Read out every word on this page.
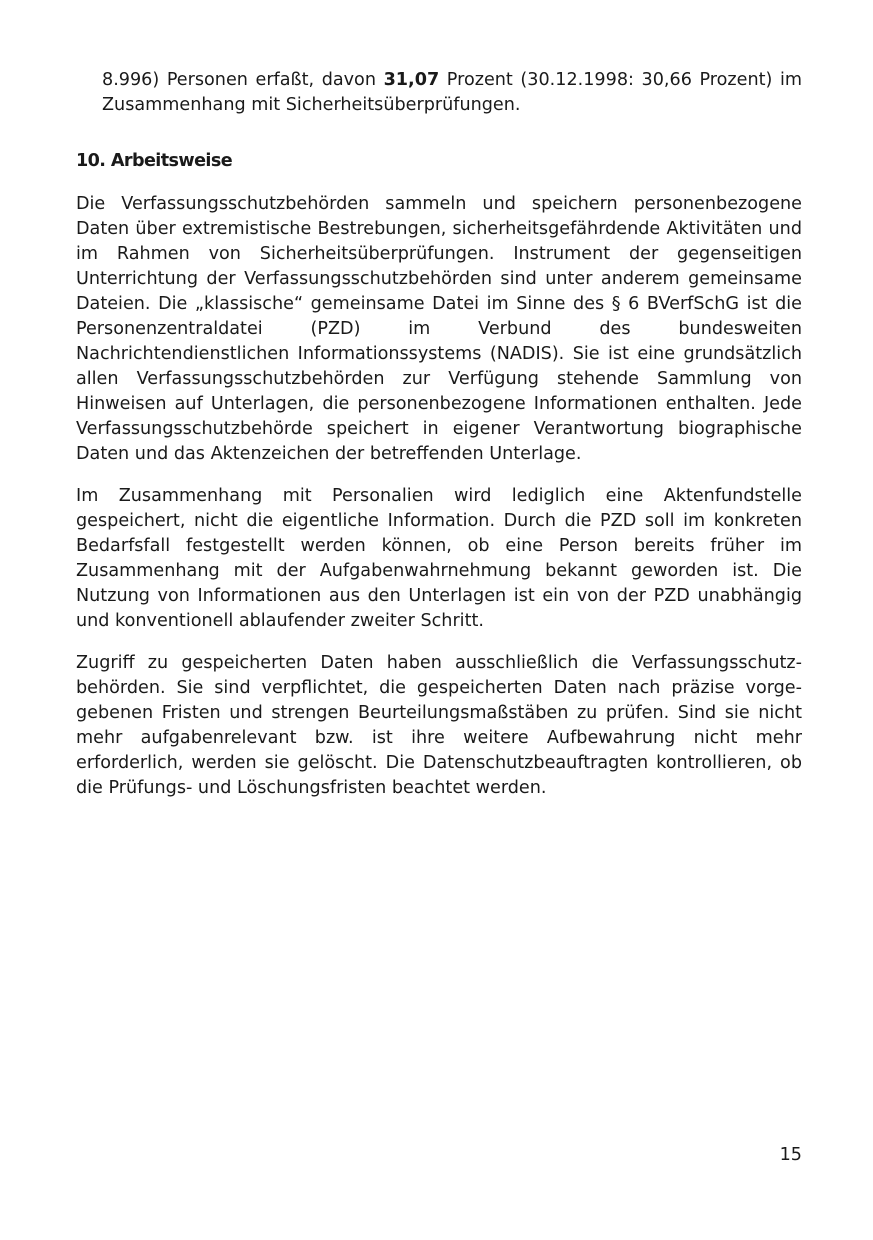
8.996) Personen erfaßt, davon 31,07 Prozent (30.12.1998: 30,66 Prozent) im Zusammenhang mit Sicherheitsüberprüfungen.

10. Arbeitsweise

Die Verfassungsschutzbehörden sammeln und speichern personenbezogene Daten über extremistische Bestrebungen, sicherheitsgefährdende Aktivitäten und im Rahmen von Sicherheitsüberprüfungen. Instrument der gegenseitigen Unterrichtung der Verfassungsschutzbehörden sind unter anderem gemeinsame Dateien. Die „klassische“ gemeinsame Datei im Sinne des § 6 BVerfSchG ist die Personenzentraldatei (PZD) im Verbund des bundesweiten Nachrichtendienstlichen Informationssystems (NADIS). Sie ist eine grundsätzlich allen Verfassungsschutzbehörden zur Verfügung stehende Sammlung von Hinweisen auf Unterlagen, die personenbezogene Informationen enthalten. Jede Verfassungsschutzbehörde speichert in eigener Verantwortung biographische Daten und das Aktenzeichen der betreffenden Unterlage.

Im Zusammenhang mit Personalien wird lediglich eine Aktenfundstelle gespeichert, nicht die eigentliche Information. Durch die PZD soll im konkreten Bedarfsfall festgestellt werden können, ob eine Person bereits früher im Zusammenhang mit der Aufgabenwahrnehmung bekannt geworden ist. Die Nutzung von Informationen aus den Unterlagen ist ein von der PZD unabhängig und konventionell ablaufender zweiter Schritt.

Zugriff zu gespeicherten Daten haben ausschließlich die Verfassungsschutzbehörden. Sie sind verpflichtet, die gespeicherten Daten nach präzise vorgegebenen Fristen und strengen Beurteilungsmaßstäben zu prüfen. Sind sie nicht mehr aufgabenrelevant bzw. ist ihre weitere Aufbewahrung nicht mehr erforderlich, werden sie gelöscht. Die Datenschutzbeauftragten kontrollieren, ob die Prüfungs- und Löschungsfristen beachtet werden.

15
